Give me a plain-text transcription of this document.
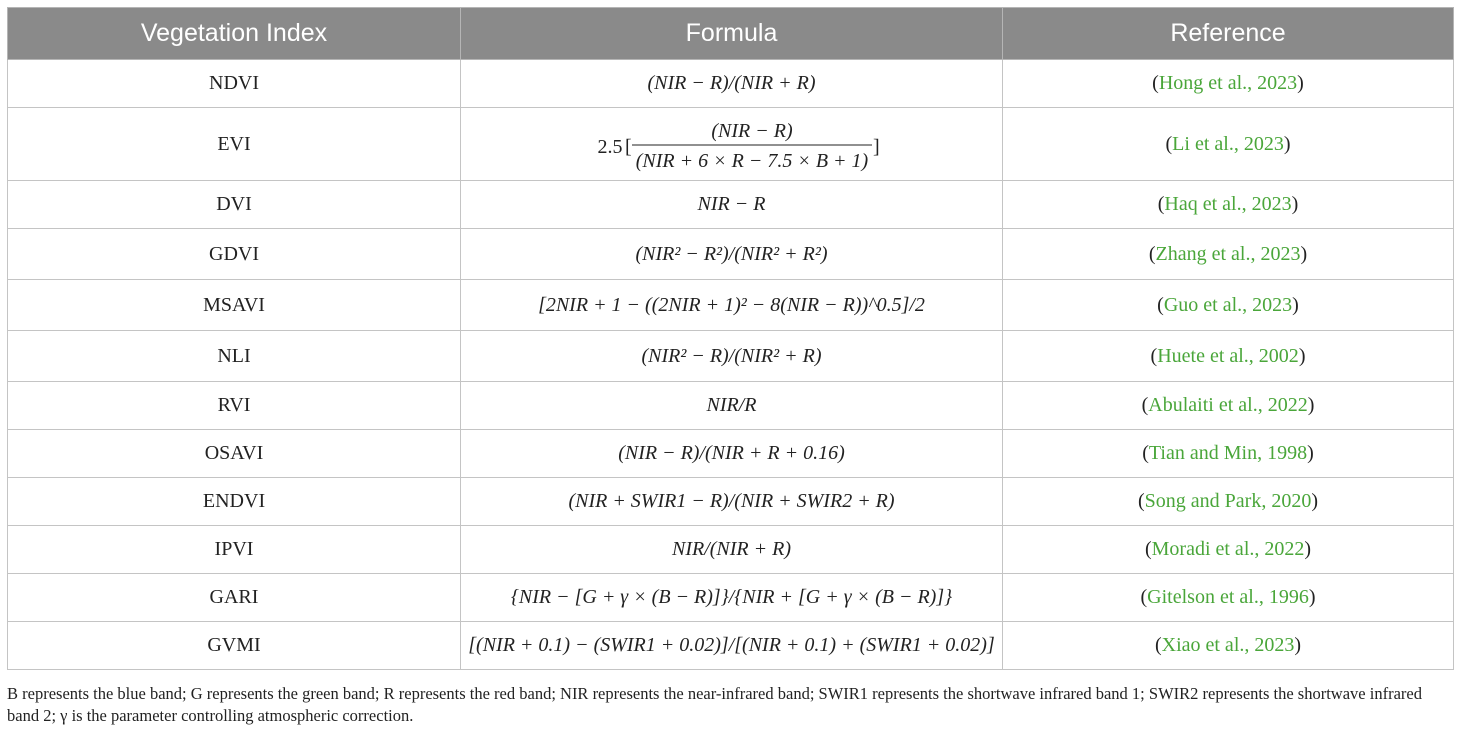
Vegetation Index	Formula	Reference
NDVI	(NIR − R)/(NIR + R)	(Hong et al., 2023)
EVI	2.5 [
(NIR − R)
(NIR + 6 × R − 7.5 × B + 1)
]	(Li et al., 2023)
DVI	NIR − R	(Haq et al., 2023)
GDVI	(NIR² − R²)/(NIR² + R²)	(Zhang et al., 2023)
MSAVI	[2NIR + 1 − ((2NIR + 1)² − 8(NIR − R))^0.5]/2	(Guo et al., 2023)
NLI	(NIR² − R)/(NIR² + R)	(Huete et al., 2002)
RVI	NIR/R	(Abulaiti et al., 2022)
OSAVI	(NIR − R)/(NIR + R + 0.16)	(Tian and Min, 1998)
ENDVI	(NIR + SWIR1 − R)/(NIR + SWIR2 + R)	(Song and Park, 2020)
IPVI	NIR/(NIR + R)	(Moradi et al., 2022)
GARI	{NIR − [G + γ × (B − R)]}/{NIR + [G + γ × (B − R)]}	(Gitelson et al., 1996)
GVMI	[(NIR + 0.1) − (SWIR1 + 0.02)]/[(NIR + 0.1) + (SWIR1 + 0.02)]	(Xiao et al., 2023)

B represents the blue band; G represents the green band; R represents the red band; NIR represents the near-infrared band; SWIR1 represents the shortwave infrared band 1; SWIR2 represents the shortwave infrared band 2; γ is the parameter controlling atmospheric correction.
